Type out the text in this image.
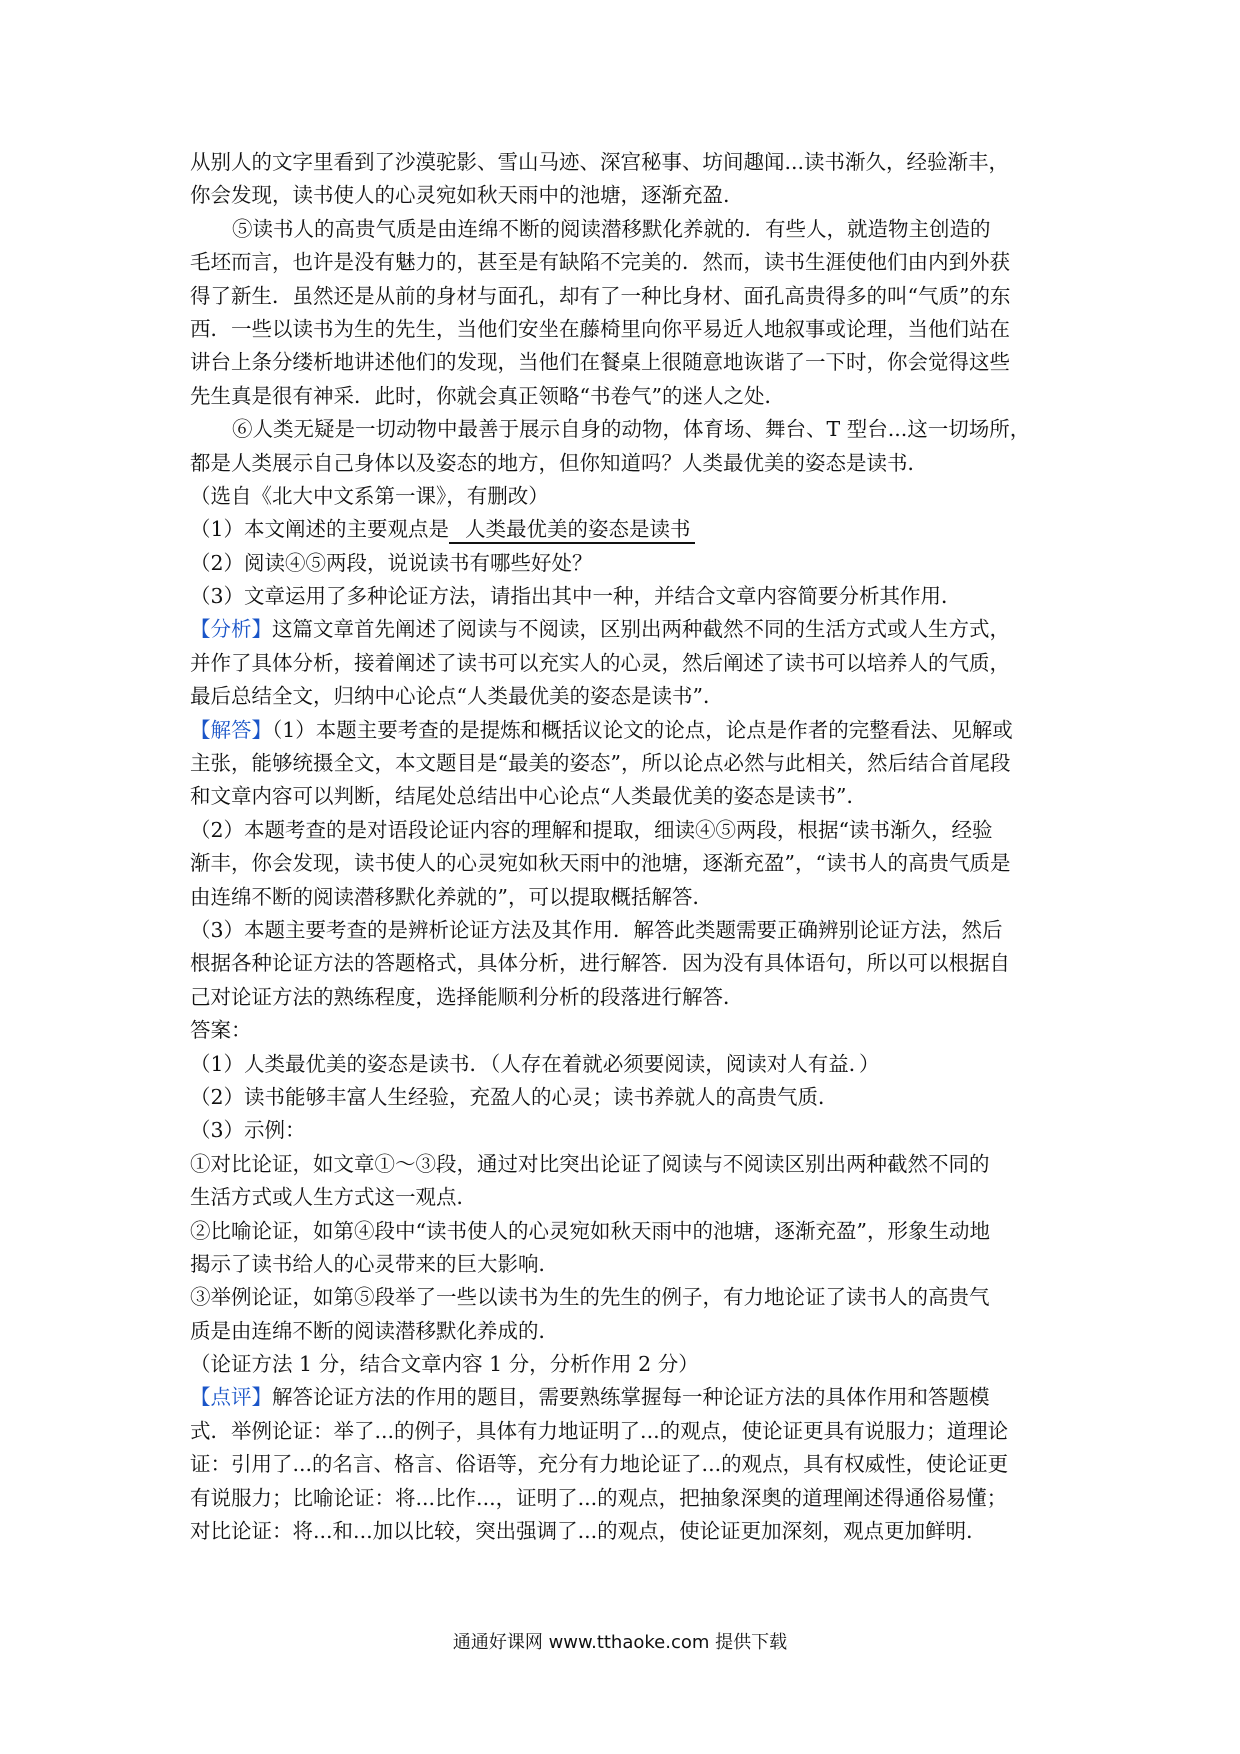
从别人的文字里看到了沙漠驼影、雪山马迹、深宫秘事、坊间趣闻...读书渐久，经验渐丰，
你会发现，读书使人的心灵宛如秋天雨中的池塘，逐渐充盈.
⑤读书人的高贵气质是由连绵不断的阅读潜移默化养就的．有些人，就造物主创造的
毛坯而言，也许是没有魅力的，甚至是有缺陷不完美的．然而，读书生涯使他们由内到外获
得了新生．虽然还是从前的身材与面孔，却有了一种比身材、面孔高贵得多的叫“气质”的东
西．一些以读书为生的先生，当他们安坐在藤椅里向你平易近人地叙事或论理，当他们站在
讲台上条分缕析地讲述他们的发现，当他们在餐桌上很随意地诙谐了一下时，你会觉得这些
先生真是很有神采．此时，你就会真正领略“书卷气”的迷人之处．
⑥人类无疑是一切动物中最善于展示自身的动物，体育场、舞台、T 型台...这一切场所，
都是人类展示自己身体以及姿态的地方，但你知道吗？人类最优美的姿态是读书．
（选自《北大中文系第一课》，有删改）
（1）本文阐述的主要观点是 人类最优美的姿态是读书
（2）阅读④⑤两段，说说读书有哪些好处？
（3）文章运用了多种论证方法，请指出其中一种，并结合文章内容简要分析其作用．
【分析】这篇文章首先阐述了阅读与不阅读，区别出两种截然不同的生活方式或人生方式，
并作了具体分析，接着阐述了读书可以充实人的心灵，然后阐述了读书可以培养人的气质，
最后总结全文，归纳中心论点“人类最优美的姿态是读书”．
【解答】（1）本题主要考查的是提炼和概括议论文的论点，论点是作者的完整看法、见解或
主张，能够统摄全文，本文题目是“最美的姿态”，所以论点必然与此相关，然后结合首尾段
和文章内容可以判断，结尾处总结出中心论点“人类最优美的姿态是读书”．
（2）本题考查的是对语段论证内容的理解和提取，细读④⑤两段，根据“读书渐久，经验
渐丰，你会发现，读书使人的心灵宛如秋天雨中的池塘，逐渐充盈”，“读书人的高贵气质是
由连绵不断的阅读潜移默化养就的”，可以提取概括解答．
（3）本题主要考查的是辨析论证方法及其作用．解答此类题需要正确辨别论证方法，然后
根据各种论证方法的答题格式，具体分析，进行解答．因为没有具体语句，所以可以根据自
己对论证方法的熟练程度，选择能顺利分析的段落进行解答．
答案：
（1）人类最优美的姿态是读书．（人存在着就必须要阅读，阅读对人有益．）
（2）读书能够丰富人生经验，充盈人的心灵；读书养就人的高贵气质．
（3）示例：
①对比论证，如文章①～③段，通过对比突出论证了阅读与不阅读区别出两种截然不同的
生活方式或人生方式这一观点．
②比喻论证，如第④段中“读书使人的心灵宛如秋天雨中的池塘，逐渐充盈”，形象生动地
揭示了读书给人的心灵带来的巨大影响．
③举例论证，如第⑤段举了一些以读书为生的先生的例子，有力地论证了读书人的高贵气
质是由连绵不断的阅读潜移默化养成的．
（论证方法 1 分，结合文章内容 1 分，分析作用 2 分）
【点评】解答论证方法的作用的题目，需要熟练掌握每一种论证方法的具体作用和答题模
式．举例论证：举了...的例子，具体有力地证明了...的观点，使论证更具有说服力；道理论
证：引用了...的名言、格言、俗语等，充分有力地论证了...的观点，具有权威性，使论证更
有说服力；比喻论证：将...比作...，证明了...的观点，把抽象深奥的道理阐述得通俗易懂；
对比论证：将...和...加以比较，突出强调了...的观点，使论证更加深刻，观点更加鲜明．
通通好课网 www.tthaoke.com 提供下载
